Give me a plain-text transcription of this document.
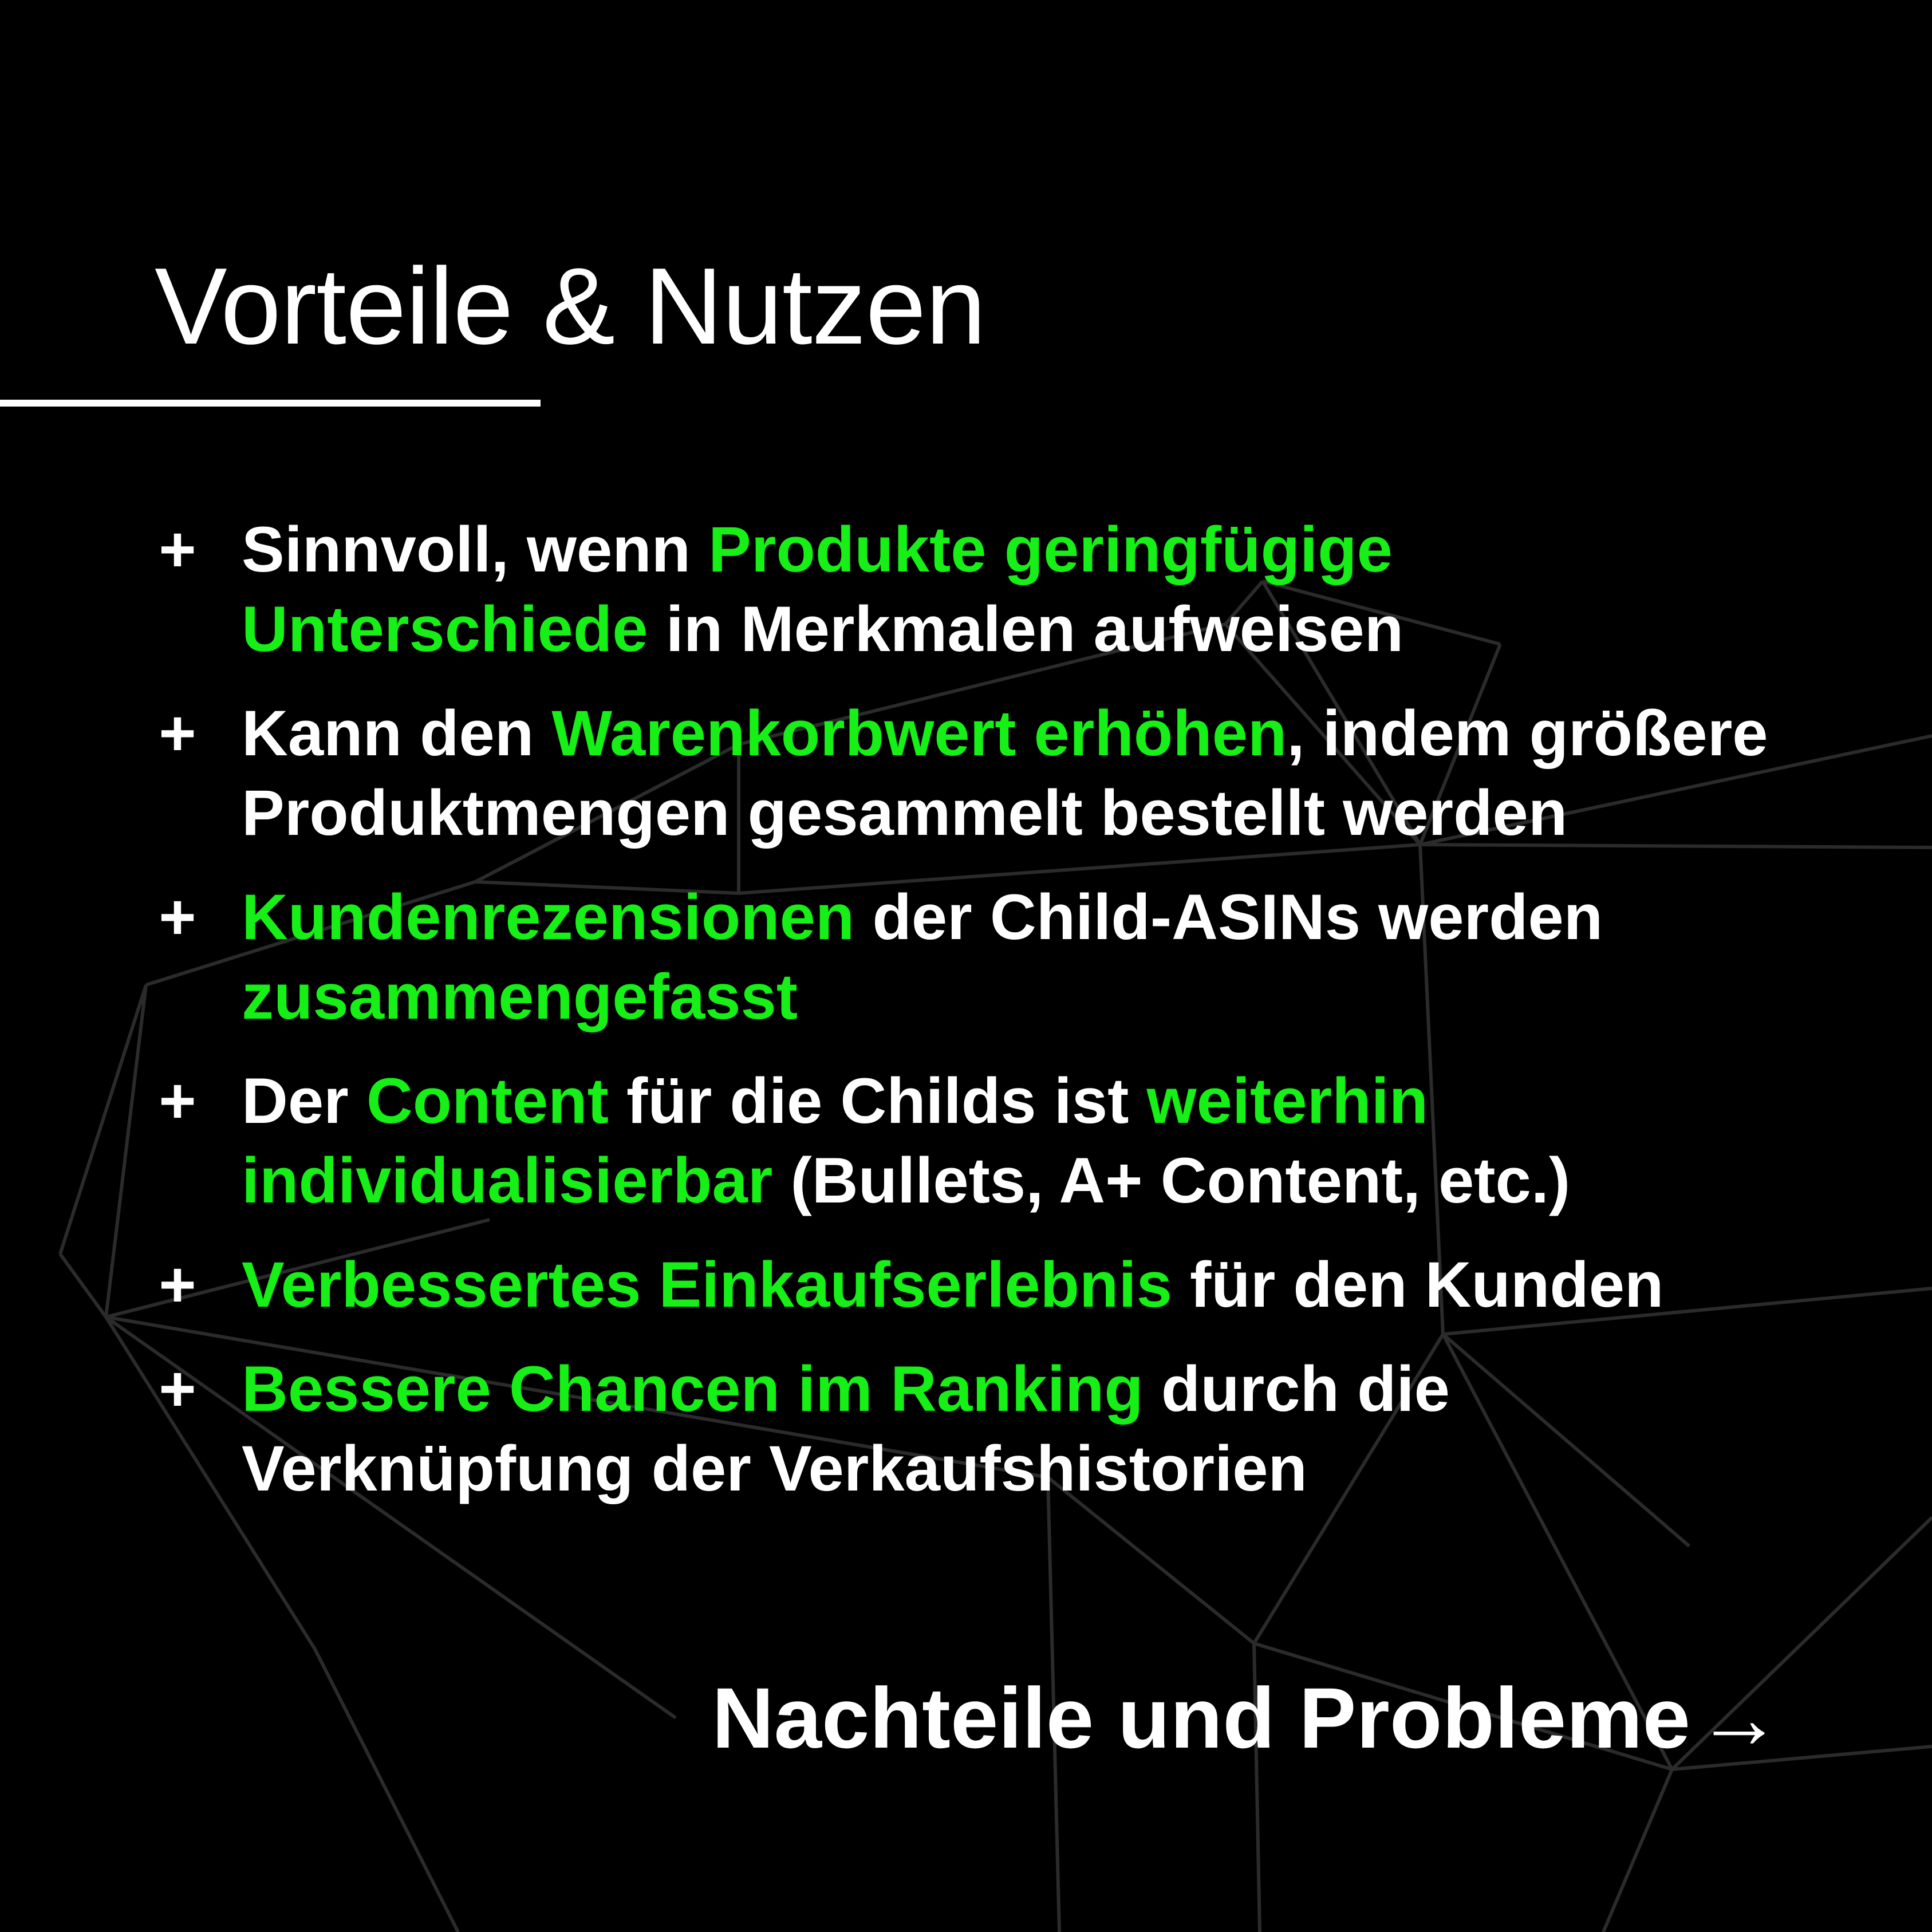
Vorteile & Nutzen
+ Sinnvoll, wenn Produkte geringfügige Unterschiede in Merkmalen aufweisen
+ Kann den Warenkorbwert erhöhen, indem größere Produktmengen gesammelt bestellt werden
+ Kundenrezensionen der Child-ASINs werden zusammengefasst
+ Der Content für die Childs ist weiterhin individualisierbar (Bullets, A+ Content, etc.)
+ Verbessertes Einkaufserlebnis für den Kunden
+ Bessere Chancen im Ranking durch die Verknüpfung der Verkaufshistorien
Nachteile und Probleme→
